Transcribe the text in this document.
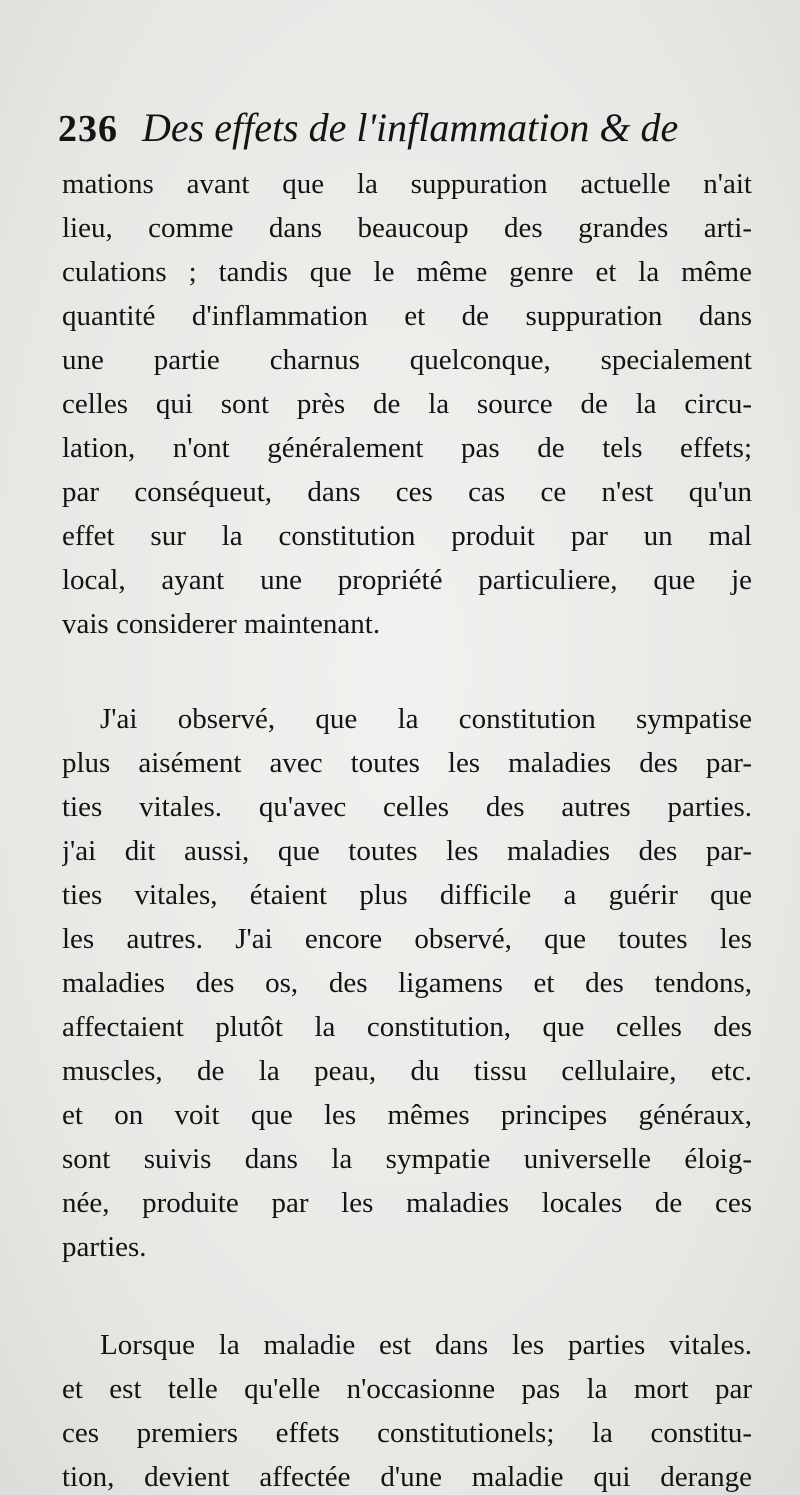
236 Des effets de l'inflammation & de
mations avant que la suppuration actuelle n'ait
lieu, comme dans beaucoup des grandes arti-
culations ; tandis que le même genre et la même
quantité d'inflammation et de suppuration dans
une partie charnus quelconque, specialement
celles qui sont près de la source de la circu-
lation, n'ont généralement pas de tels effets;
par conséqueut, dans ces cas ce n'est qu'un
effet sur la constitution produit par un mal
local, ayant une propriété particuliere, que je
vais considerer maintenant.
J'ai observé, que la constitution sympatise
plus aisément avec toutes les maladies des par-
ties vitales. qu'avec celles des autres parties.
j'ai dit aussi, que toutes les maladies des par-
ties vitales, étaient plus difficile a guérir que
les autres. J'ai encore observé, que toutes les
maladies des os, des ligamens et des tendons,
affectaient plutôt la constitution, que celles des
muscles, de la peau, du tissu cellulaire, etc.
et on voit que les mêmes principes généraux,
sont suivis dans la sympatie universelle éloig-
née, produite par les maladies locales de ces
parties.
Lorsque la maladie est dans les parties vitales.
et est telle qu'elle n'occasionne pas la mort par
ces premiers effets constitutionels; la constitu-
tion, devient affectée d'une maladie qui derange
